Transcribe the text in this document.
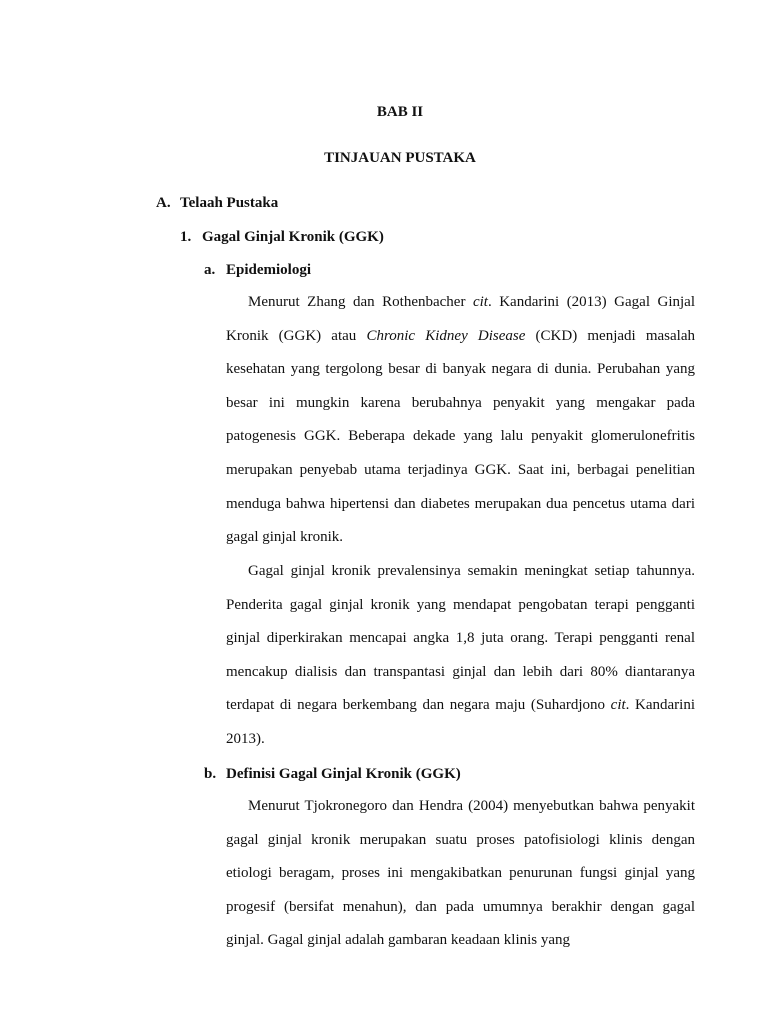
BAB II
TINJAUAN PUSTAKA
A. Telaah Pustaka
1. Gagal Ginjal Kronik (GGK)
a. Epidemiologi

Menurut Zhang dan Rothenbacher cit. Kandarini (2013) Gagal Ginjal Kronik (GGK) atau Chronic Kidney Disease (CKD) menjadi masalah kesehatan yang tergolong besar di banyak negara di dunia. Perubahan yang besar ini mungkin karena berubahnya penyakit yang mengakar pada patogenesis GGK. Beberapa dekade yang lalu penyakit glomerulonefritis merupakan penyebab utama terjadinya GGK. Saat ini, berbagai penelitian menduga bahwa hipertensi dan diabetes merupakan dua pencetus utama dari gagal ginjal kronik.

Gagal ginjal kronik prevalensinya semakin meningkat setiap tahunnya. Penderita gagal ginjal kronik yang mendapat pengobatan terapi pengganti ginjal diperkirakan mencapai angka 1,8 juta orang. Terapi pengganti renal mencakup dialisis dan transpantasi ginjal dan lebih dari 80% diantaranya terdapat di negara berkembang dan negara maju (Suhardjono cit. Kandarini 2013).

b. Definisi Gagal Ginjal Kronik (GGK)

Menurut Tjokronegoro dan Hendra (2004) menyebutkan bahwa penyakit gagal ginjal kronik merupakan suatu proses patofisiologi klinis dengan etiologi beragam, proses ini mengakibatkan penurunan fungsi ginjal yang progesif (bersifat menahun), dan pada umumnya berakhir dengan gagal ginjal. Gagal ginjal adalah gambaran keadaan klinis yang
